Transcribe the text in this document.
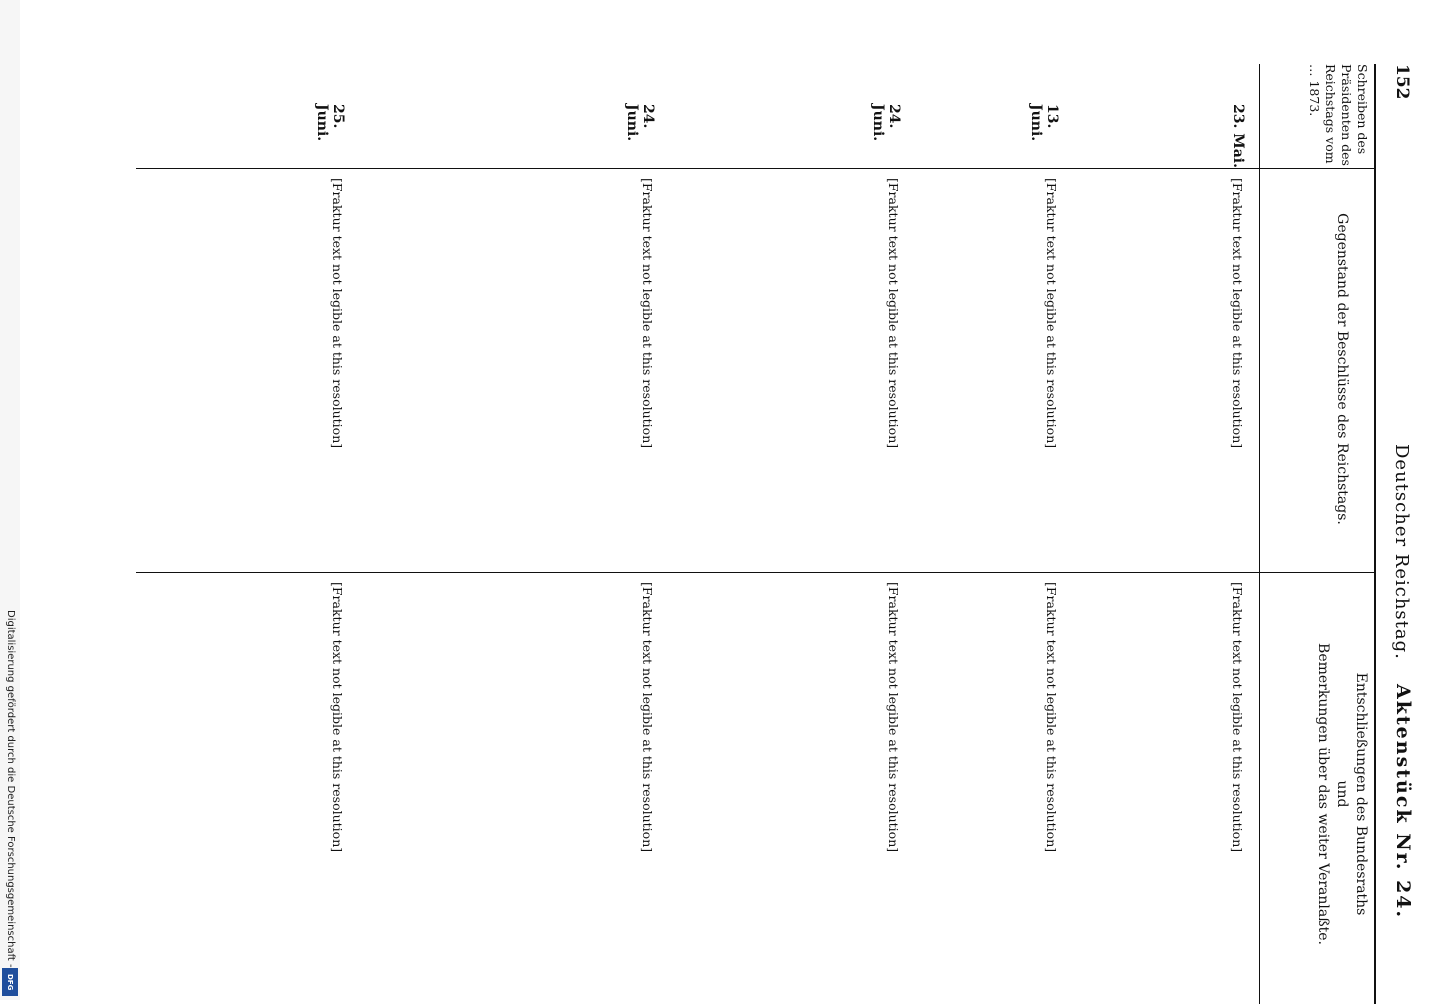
Digitalisierung gefördert durch die Deutsche Forschungsgemeinschaft -
DFG
152
Deutscher Reichstag.
Aktenstück Nr. 24.
Schreiben des Präsidenten des Reichstags vom … 1873.
Gegenstand der Beschlüsse des Reichstags.
Entschließungen des Bundesraths
und
Bemerkungen über das weiter Veranlaßte.
23. Mai.
[Fraktur text not legible at this resolution]
[Fraktur text not legible at this resolution]
13. Juni.
[Fraktur text not legible at this resolution]
[Fraktur text not legible at this resolution]
24. Juni.
[Fraktur text not legible at this resolution]
[Fraktur text not legible at this resolution]
24. Juni.
[Fraktur text not legible at this resolution]
[Fraktur text not legible at this resolution]
25. Juni.
[Fraktur text not legible at this resolution]
[Fraktur text not legible at this resolution]
